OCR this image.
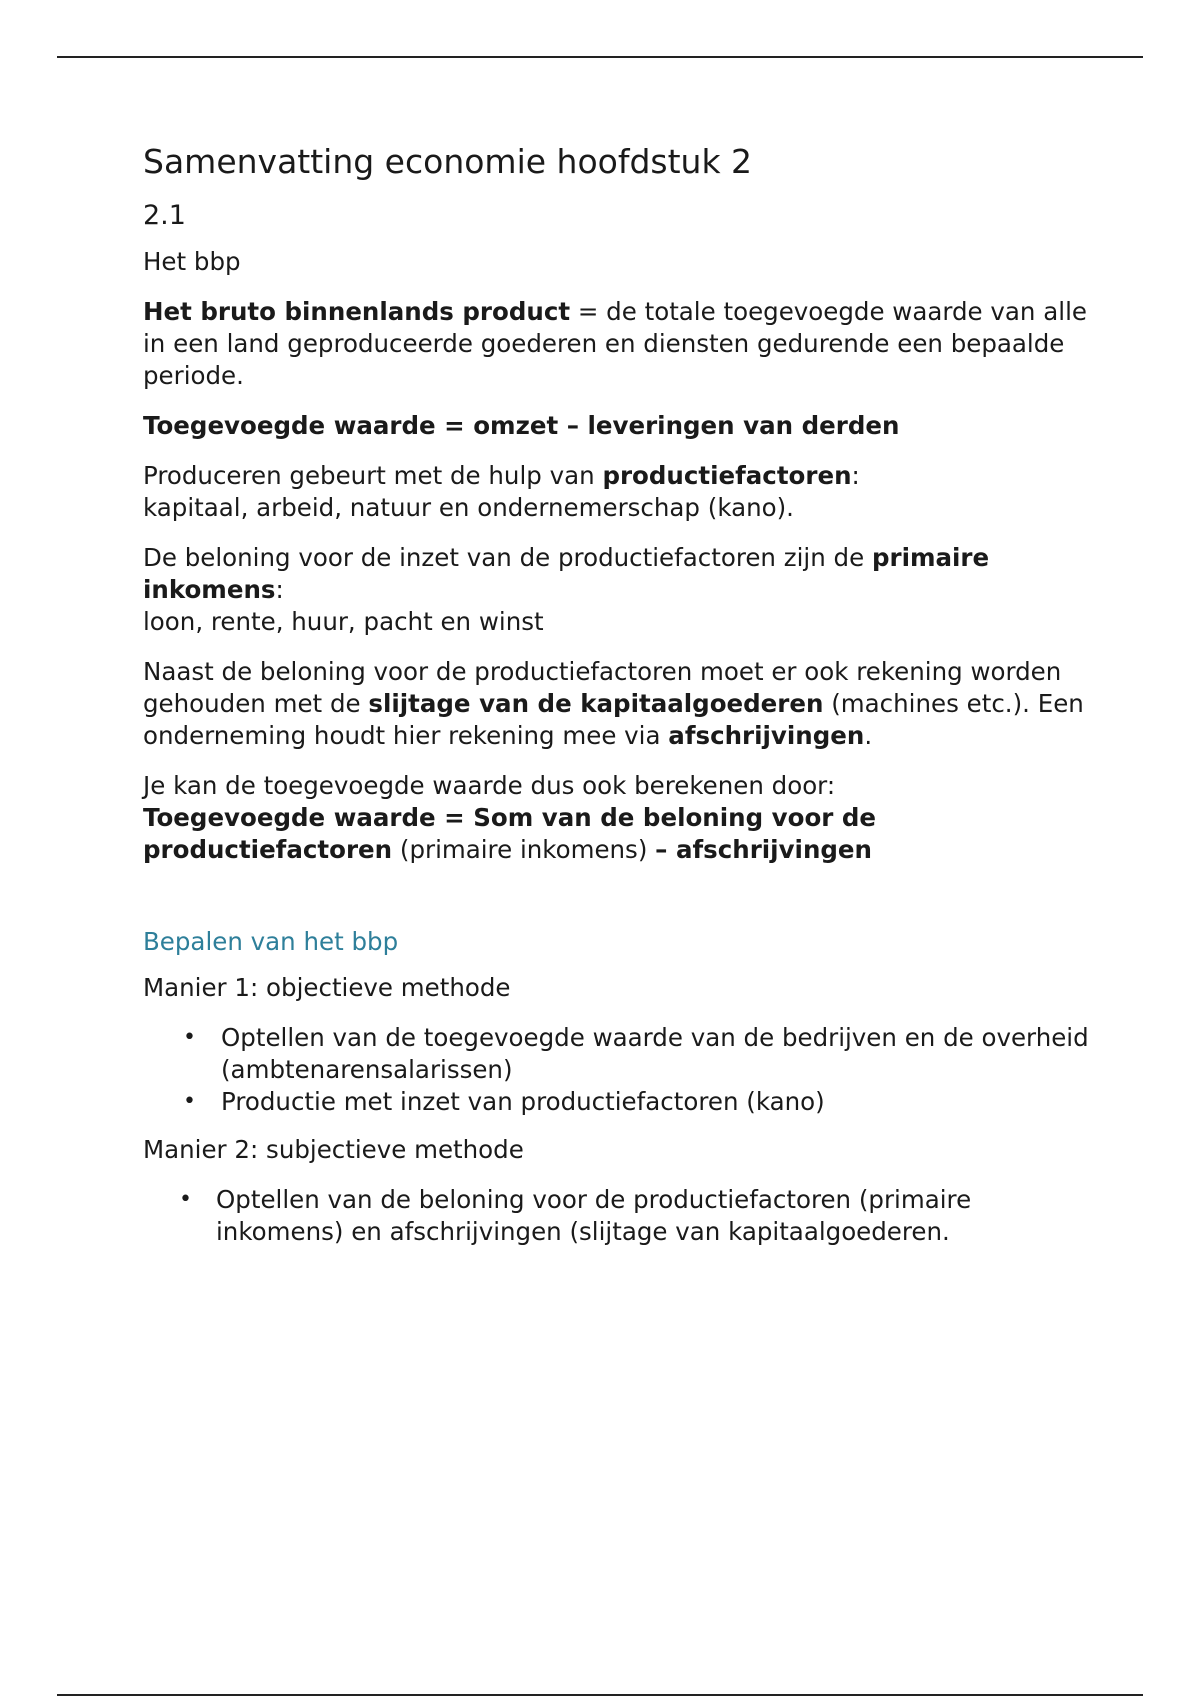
Samenvatting economie hoofdstuk 2
2.1

Het bbp

Het bruto binnenlands product = de totale toegevoegde waarde van alle in een land geproduceerde goederen en diensten gedurende een bepaalde periode.

Toegevoegde waarde = omzet – leveringen van derden

Produceren gebeurt met de hulp van productiefactoren:
kapitaal, arbeid, natuur en ondernemerschap (kano).

De beloning voor de inzet van de productiefactoren zijn de primaire inkomens:
loon, rente, huur, pacht en winst

Naast de beloning voor de productiefactoren moet er ook rekening worden gehouden met de slijtage van de kapitaalgoederen (machines etc.). Een onderneming houdt hier rekening mee via afschrijvingen.

Je kan de toegevoegde waarde dus ook berekenen door:
Toegevoegde waarde = Som van de beloning voor de productiefactoren (primaire inkomens) – afschrijvingen

Bepalen van het bbp

Manier 1: objectieve methode

• Optellen van de toegevoegde waarde van de bedrijven en de overheid (ambtenarensalarissen)
• Productie met inzet van productiefactoren (kano)

Manier 2: subjectieve methode

• Optellen van de beloning voor de productiefactoren (primaire inkomens) en afschrijvingen (slijtage van kapitaalgoederen.
